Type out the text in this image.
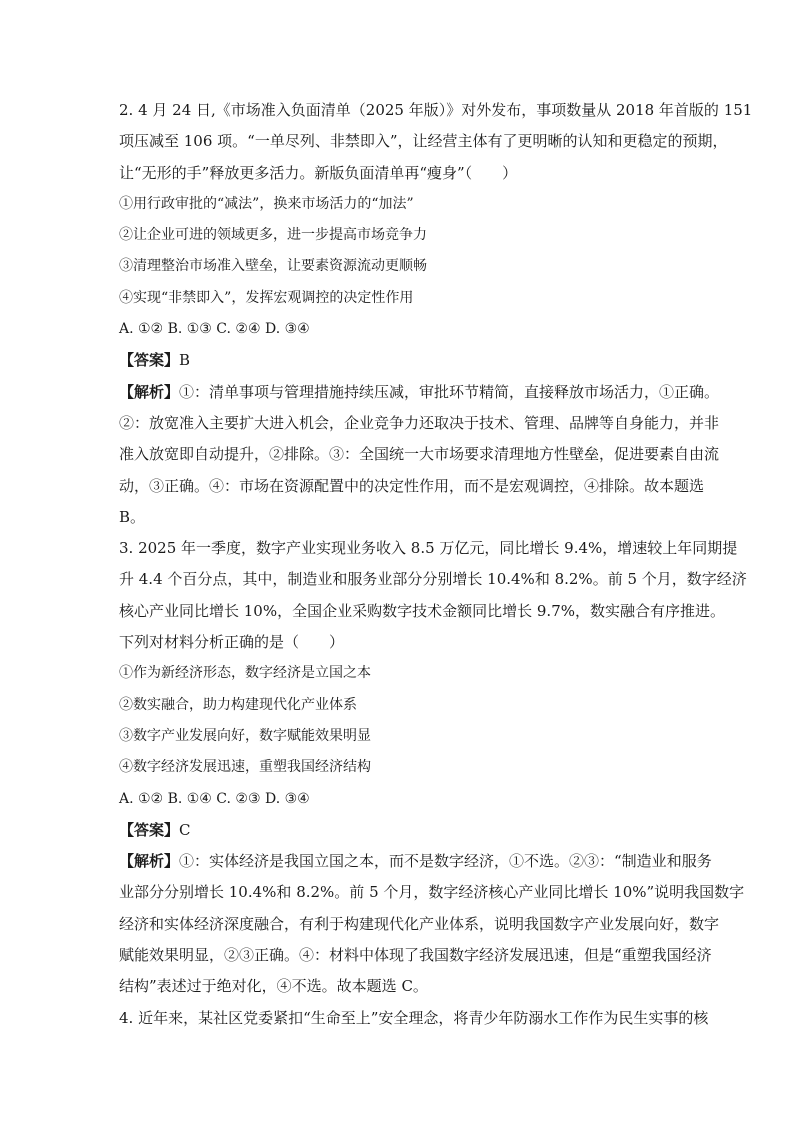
2. 4 月 24 日,《市场准入负面清单（2025 年版）》对外发布，事项数量从 2018 年首版的 151
项压减至 106 项。“一单尽列、非禁即入”，让经营主体有了更明晰的认知和更稳定的预期，
让“无形的手”释放更多活力。新版负面清单再“瘦身”（　　）
①用行政审批的“减法”，换来市场活力的“加法”
②让企业可进的领域更多，进一步提高市场竞争力
③清理整治市场准入壁垒，让要素资源流动更顺畅
④实现“非禁即入”，发挥宏观调控的决定性作用
A. ①② B. ①③ C. ②④ D. ③④
【答案】B
【解析】①：清单事项与管理措施持续压减，审批环节精简，直接释放市场活力，①正确。
②：放宽准入主要扩大进入机会，企业竞争力还取决于技术、管理、品牌等自身能力，并非
准入放宽即自动提升，②排除。③：全国统一大市场要求清理地方性壁垒，促进要素自由流
动，③正确。④：市场在资源配置中的决定性作用，而不是宏观调控，④排除。故本题选
B。
3. 2025 年一季度，数字产业实现业务收入 8.5 万亿元，同比增长 9.4%，增速较上年同期提
升 4.4 个百分点，其中，制造业和服务业部分分别增长 10.4%和 8.2%。前 5 个月，数字经济
核心产业同比增长 10%，全国企业采购数字技术金额同比增长 9.7%，数实融合有序推进。
下列对材料分析正确的是（　　）
①作为新经济形态，数字经济是立国之本
②数实融合，助力构建现代化产业体系
③数字产业发展向好，数字赋能效果明显
④数字经济发展迅速，重塑我国经济结构
A. ①② B. ①④ C. ②③ D. ③④
【答案】C
【解析】①：实体经济是我国立国之本，而不是数字经济，①不选。②③：“制造业和服务
业部分分别增长 10.4%和 8.2%。前 5 个月，数字经济核心产业同比增长 10%”说明我国数字
经济和实体经济深度融合，有利于构建现代化产业体系，说明我国数字产业发展向好，数字
赋能效果明显，②③正确。④：材料中体现了我国数字经济发展迅速，但是“重塑我国经济
结构”表述过于绝对化，④不选。故本题选 C。
4. 近年来，某社区党委紧扣“生命至上”安全理念，将青少年防溺水工作作为民生实事的核
